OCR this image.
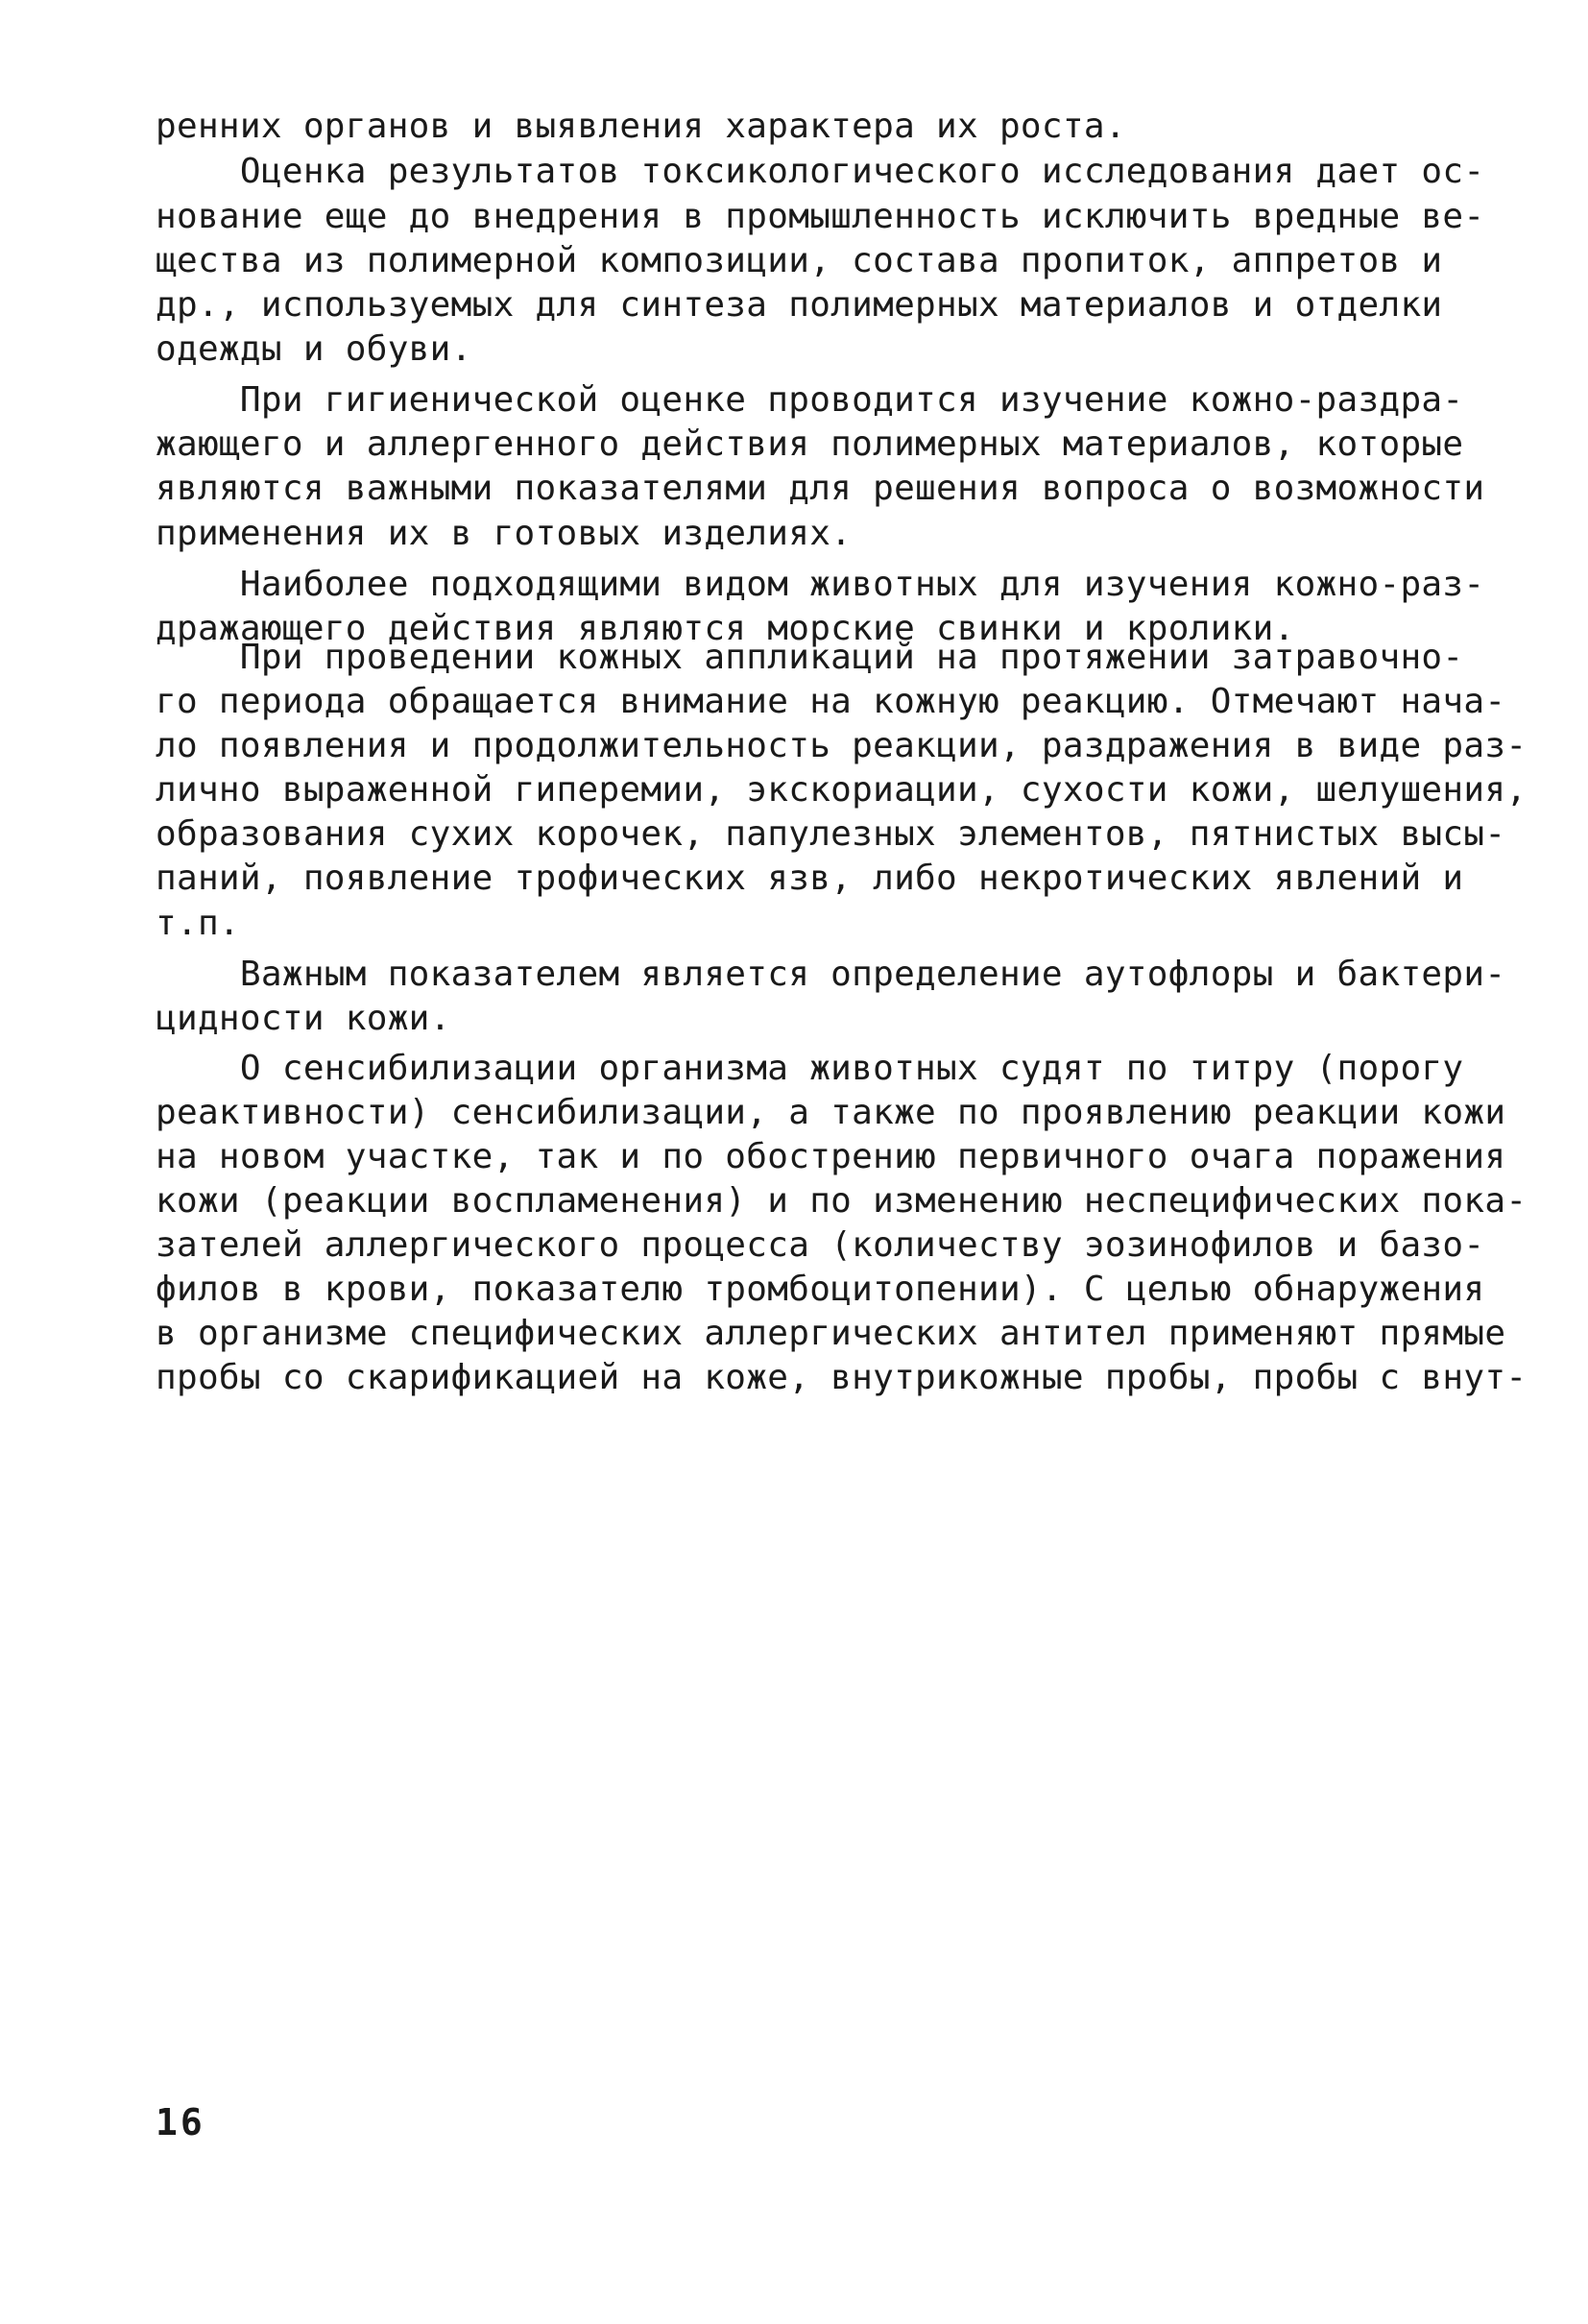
ренних органов и выявления характера их роста.
Оценка результатов токсикологического исследования дает ос-
нование еще до внедрения в промышленность исключить вредные ве-
щества из полимерной композиции, состава пропиток, аппретов и
др., используемых для синтеза полимерных материалов и отделки
одежды и обуви.
При гигиенической оценке проводится изучение кожно-раздра-
жающего и аллергенного действия полимерных материалов, которые
являются важными показателями для решения вопроса о возможности
применения их в готовых изделиях.
Наиболее подходящими видом животных для изучения кожно-раз-
дражающего действия являются морские свинки и кролики.
При проведении кожных аппликаций на протяжении затравочно-
го периода обращается внимание на кожную реакцию. Отмечают нача-
ло появления и продолжительность реакции, раздражения в виде раз-
лично выраженной гиперемии, экскориации, сухости кожи, шелушения,
образования сухих корочек, папулезных элементов, пятнистых высы-
паний, появление трофических язв, либо некротических явлений и
т.п.
Важным показателем является определение аутофлоры и бактери-
цидности кожи.
О сенсибилизации организма животных судят по титру (порогу
реактивности) сенсибилизации, а также по проявлению реакции кожи
на новом участке, так и по обострению первичного очага поражения
кожи (реакции воспламенения) и по изменению неспецифических пока-
зателей аллергического процесса (количеству эозинофилов и базо-
филов в крови, показателю тромбоцитопении). С целью обнаружения
в организме специфических аллергических антител применяют прямые
пробы со скарификацией на коже, внутрикожные пробы, пробы с внут-
16
